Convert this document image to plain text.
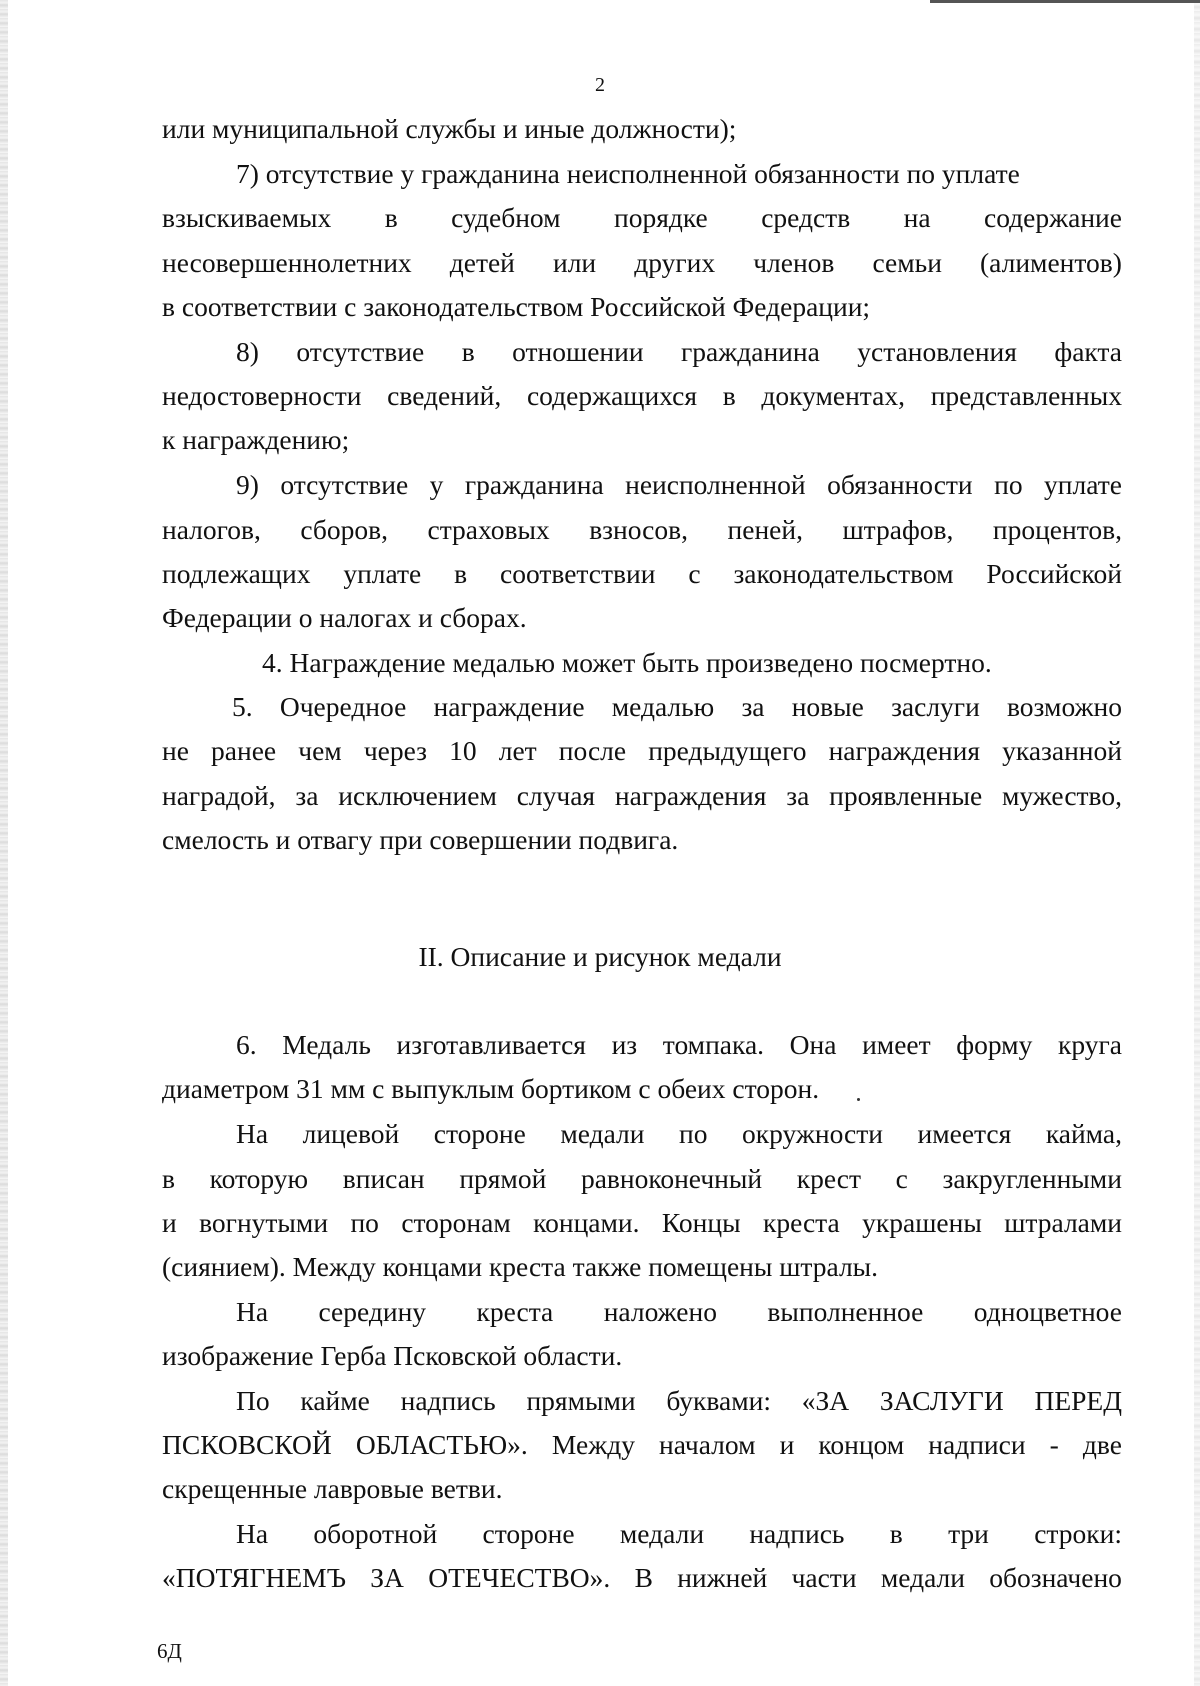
2
или муниципальной службы и иные должности);
7) отсутствие у гражданина неисполненной обязанности по уплате
взыскиваемых в судебном порядке средств на содержание
несовершеннолетних детей или других членов семьи (алиментов)
в соответствии с законодательством Российской Федерации;
8) отсутствие в отношении гражданина установления факта
недостоверности сведений, содержащихся в документах, представленных
к награждению;
9) отсутствие у гражданина неисполненной обязанности по уплате
налогов, сборов, страховых взносов, пеней, штрафов, процентов,
подлежащих уплате в соответствии с законодательством Российской
Федерации о налогах и сборах.
4. Награждение медалью может быть произведено посмертно.
5. Очередное награждение медалью за новые заслуги возможно
не ранее чем через 10 лет после предыдущего награждения указанной
наградой, за исключением случая награждения за проявленные мужество,
смелость и отвагу при совершении подвига.
II. Описание и рисунок медали
6. Медаль изготавливается из томпака. Она имеет форму круга
диаметром 31 мм с выпуклым бортиком с обеих сторон.
На лицевой стороне медали по окружности имеется кайма,
в которую вписан прямой равноконечный крест с закругленными
и вогнутыми по сторонам концами. Концы креста украшены штралами
(сиянием). Между концами креста также помещены штралы.
На середину креста наложено выполненное одноцветное
изображение Герба Псковской области.
По кайме надпись прямыми буквами: «ЗА ЗАСЛУГИ ПЕРЕД
ПСКОВСКОЙ ОБЛАСТЬЮ». Между началом и концом надписи - две
скрещенные лавровые ветви.
На оборотной стороне медали надпись в три строки:
«ПОТЯГНЕМЪ ЗА ОТЕЧЕСТВО». В нижней части медали обозначено
6Д
